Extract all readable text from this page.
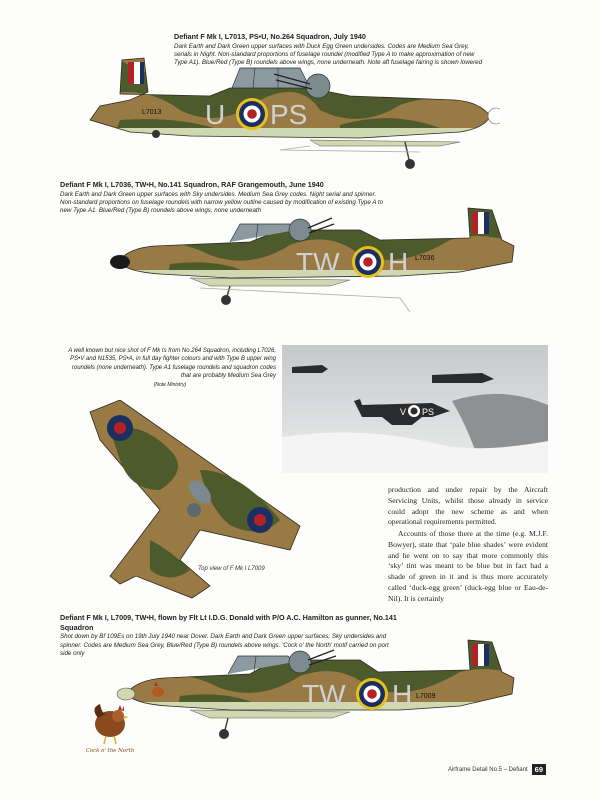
Defiant F Mk I, L7013, PS•U, No.264 Squadron, July 1940
Dark Earth and Dark Green upper surfaces with Duck Egg Green undersides. Codes are Medium Sea Grey, serials in Night. Non-standard proportions of fuselage roundel (modified Type A to make approximation of new Type A1). Blue/Red (Type B) roundels above wings, none underneath. Note aft fuselage fairing is shown lowered
U PS
L7013
Defiant F Mk I, L7036, TW•H, No.141 Squadron, RAF Grangemouth, June 1940
Dark Earth and Dark Green upper surfaces with Sky undersides. Medium Sea Grey codes. Night serial and spinner. Non-standard proportions on fuselage roundels with narrow yellow outline caused by modification of existing Type A to new Type A1. Blue/Red (Type B) roundels above wings, none underneath
TW H L7036
A well known but nice shot of F Mk Is from No.264 Squadron, including L7026, PS•V and N1535, PS•A, in full day fighter colours and with Type B upper wing roundels (none underneath). Type A1 fuselage roundels and squadron codes that are probably Medium Sea Grey
(Note Ministry)
V PS
Top view of F Mk I L7009

production and under repair by the Aircraft Servicing Units, whilst those already in service could adopt the new scheme as and when operational requirements permitted.

Accounts of those there at the time (e.g. M.J.F. Bowyer), state that ‘pale blue shades’ were evident and he went on to say that more commonly this ‘sky’ tint was meant to be blue but in fact had a shade of green in it and is thus more accurately called ‘duck-egg green’ (duck-egg blue or Eau-de-Nil). It is certainly

Defiant F Mk I, L7009, TW•H, flown by Flt Lt I.D.G. Donald with P/O A.C. Hamilton as gunner, No.141 Squadron
Shot down by Bf 109Es on 19th July 1940 near Dover. Dark Earth and Dark Green upper surfaces, Sky undersides and spinner. Codes are Medium Sea Grey, Blue/Red (Type B) roundels above wings. 'Cock o' the North' motif carried on port side only
TW H L7009
Cock o' the North
Airframe Detail No.5 – Defiant 69
